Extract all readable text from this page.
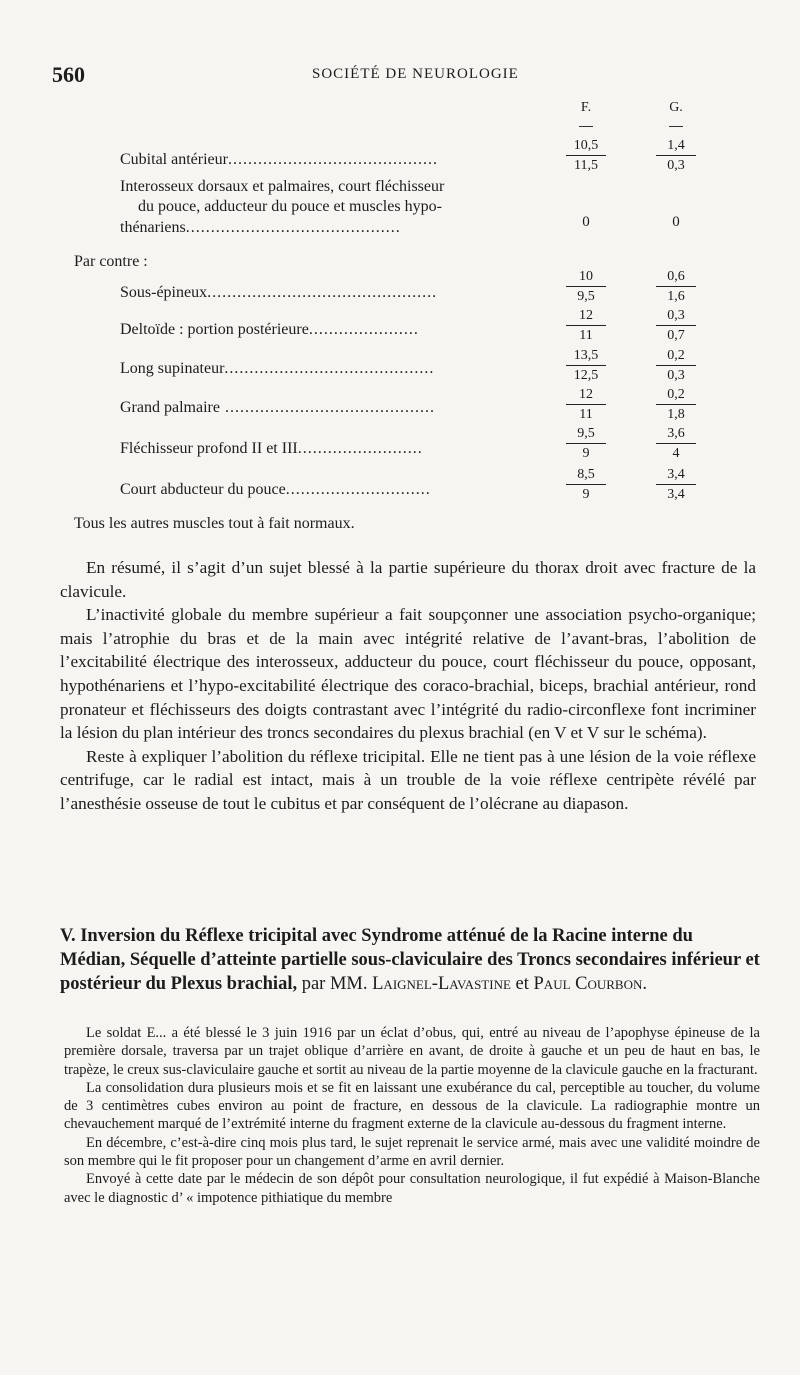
560	SOCIÉTÉ DE NEUROLOGIE
F.	G.
Cubital antérieur..........................................	$\frac{10,5}{11,5} \frac{1,4}{0,3}$
Interosseux dorsaux et palmaires, court fléchisseur
du pouce, adducteur du pouce et muscles hypo-
thénariens...........................................	0	0
Par contre :
Sous-épineux..............................................	$\frac{10}{9,5} \frac{0,6}{1,6}$
Deltoïde : portion postérieure......................	$\frac{12}{11} \frac{0,3}{0,7}$
Long supinateur..........................................	$\frac{13,5}{12,5} \frac{0,2}{0,3}$
Grand palmaire ..........................................	$\frac{12}{11} \frac{0,2}{1,8}$
Fléchisseur profond II et III.........................	$\frac{9,5}{9} \frac{3,6}{4}$
Court abducteur du pouce.............................	$\frac{8,5}{9} \frac{3,4}{3,4}$
Tous les autres muscles tout à fait normaux.

En résumé, il s’agit d’un sujet blessé à la partie supérieure du thorax droit avec fracture de la clavicule.

L’inactivité globale du membre supérieur a fait soupçonner une association psycho-organique; mais l’atrophie du bras et de la main avec intégrité relative de l’avant-bras, l’abolition de l’excitabilité électrique des interosseux, adducteur du pouce, court fléchisseur du pouce, opposant, hypothénariens et l’hypo-excitabilité électrique des coraco-brachial, biceps, brachial antérieur, rond pronateur et fléchisseurs des doigts contrastant avec l’intégrité du radio-circonflexe font incriminer la lésion du plan intérieur des troncs secondaires du plexus brachial (en V et V sur le schéma).

Reste à expliquer l’abolition du réflexe tricipital. Elle ne tient pas à une lésion de la voie réflexe centrifuge, car le radial est intact, mais à un trouble de la voie réflexe centripète révélé par l’anesthésie osseuse de tout le cubitus et par conséquent de l’olécrane au diapason.

V. Inversion du Réflexe tricipital avec Syndrome atténué de la Racine interne du Médian, Séquelle d’atteinte partielle sous-claviculaire des Troncs secondaires inférieur et postérieur du Plexus brachial, par MM. Laignel-Lavastine et Paul Courbon.

Le soldat E... a été blessé le 3 juin 1916 par un éclat d’obus, qui, entré au niveau de l’apophyse épineuse de la première dorsale, traversa par un trajet oblique d’arrière en avant, de droite à gauche et un peu de haut en bas, le trapèze, le creux sus-claviculaire gauche et sortit au niveau de la partie moyenne de la clavicule gauche en la fracturant.

La consolidation dura plusieurs mois et se fit en laissant une exubérance du cal, perceptible au toucher, du volume de 3 centimètres cubes environ au point de fracture, en dessous de la clavicule. La radiographie montre un chevauchement marqué de l’extrémité interne du fragment externe de la clavicule au-dessous du fragment interne.

En décembre, c’est-à-dire cinq mois plus tard, le sujet reprenait le service armé, mais avec une validité moindre de son membre qui le fit proposer pour un changement d’arme en avril dernier.

Envoyé à cette date par le médecin de son dépôt pour consultation neurologique, il fut expédié à Maison-Blanche avec le diagnostic d’ « impotence pithiatique du membre
